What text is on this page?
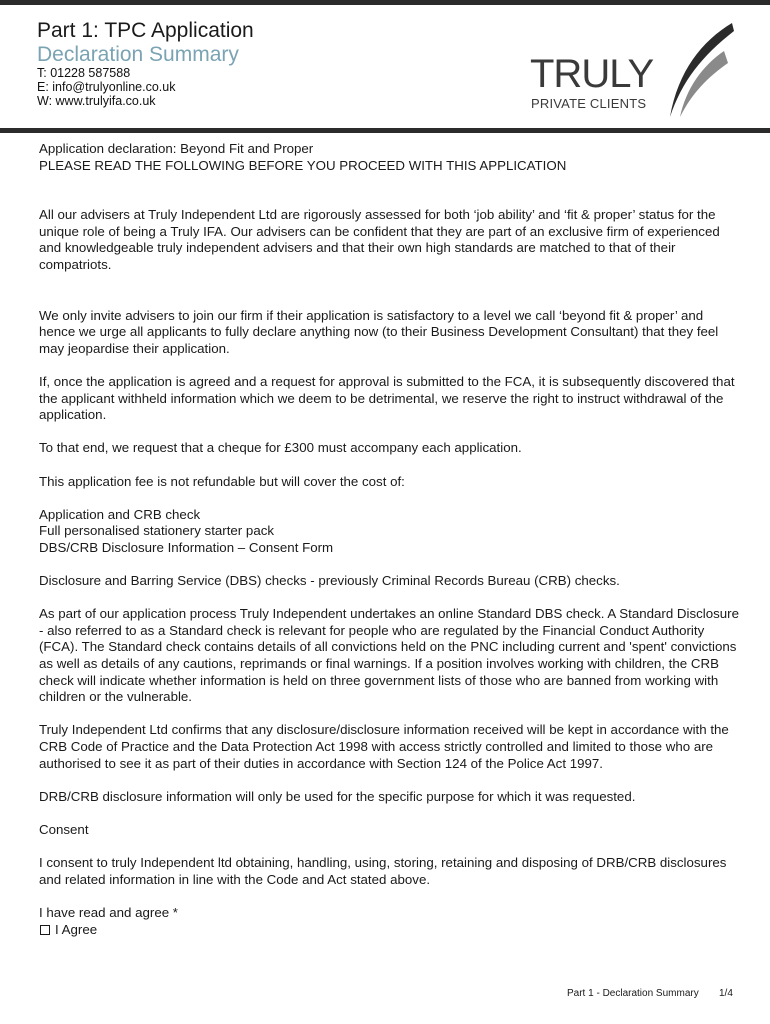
Part 1: TPC Application
Declaration Summary
T: 01228 587588
E: info@trulyonline.co.uk
W: www.trulyifa.co.uk
TRULY
PRIVATE CLIENTS

Application declaration: Beyond Fit and Proper

PLEASE READ THE FOLLOWING BEFORE YOU PROCEED WITH THIS APPLICATION

All our advisers at Truly Independent Ltd are rigorously assessed for both ‘job ability’ and ‘fit & proper’ status for the unique role of being a Truly IFA. Our advisers can be confident that they are part of an exclusive firm of experienced and knowledgeable truly independent advisers and that their own high standards are matched to that of their compatriots.

We only invite advisers to join our firm if their application is satisfactory to a level we call ‘beyond fit & proper’ and hence we urge all applicants to fully declare anything now (to their Business Development Consultant) that they feel may jeopardise their application.

If, once the application is agreed and a request for approval is submitted to the FCA, it is subsequently discovered that the applicant withheld information which we deem to be detrimental, we reserve the right to instruct withdrawal of the application.

To that end, we request that a cheque for £300 must accompany each application.

This application fee is not refundable but will cover the cost of:

Application and CRB check

Full personalised stationery starter pack

DBS/CRB Disclosure Information – Consent Form

Disclosure and Barring Service (DBS) checks - previously Criminal Records Bureau (CRB) checks.

As part of our application process Truly Independent undertakes an online Standard DBS check. A Standard Disclosure - also referred to as a Standard check is relevant for people who are regulated by the Financial Conduct Authority (FCA). The Standard check contains details of all convictions held on the PNC including current and 'spent' convictions as well as details of any cautions, reprimands or final warnings. If a position involves working with children, the CRB check will indicate whether information is held on three government lists of those who are banned from working with children or the vulnerable.

Truly Independent Ltd confirms that any disclosure/disclosure information received will be kept in accordance with the CRB Code of Practice and the Data Protection Act 1998 with access strictly controlled and limited to those who are authorised to see it as part of their duties in accordance with Section 124 of the Police Act 1997.

DRB/CRB disclosure information will only be used for the specific purpose for which it was requested.

Consent

I consent to truly Independent ltd obtaining, handling, using, storing, retaining and disposing of DRB/CRB disclosures and related information in line with the Code and Act stated above.

I have read and agree *

I Agree
Part 1 - Declaration Summary 1/4
